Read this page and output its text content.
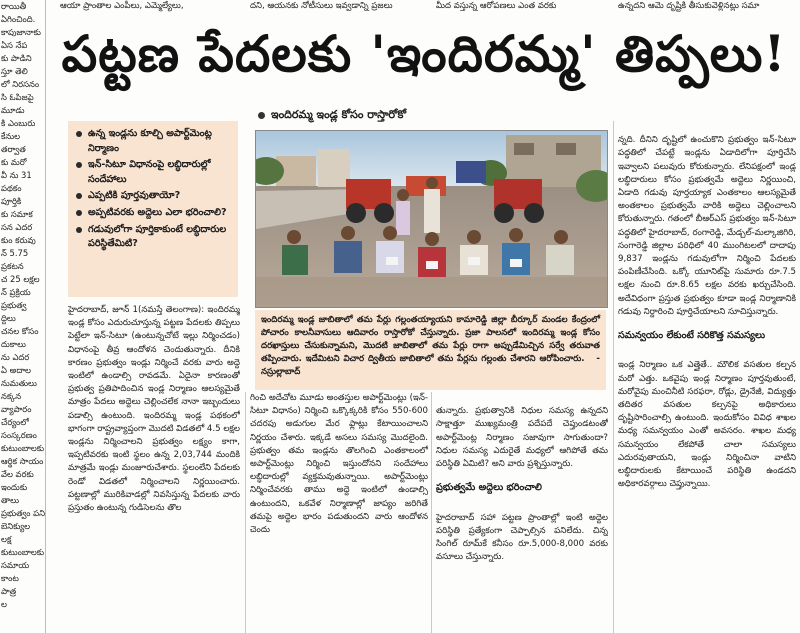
రాయితీ
ఏగించింది.
కాపుజానాకు
ఏస నేప
కు పాడిని
స్తూ తెలి
లో నిరసనం
సి ఓపిజపై
మూడు
కి ఎంబురు
కేనుల
తర్వాత
కు మరో
వీ ను 31
పథకం
పూర్తికి
కు సమాక
సన ఎదర
కుం కరువు
న్ 5.75
ప్రకటన
చ 25 లక్షల
న్ ప్రక్రియ
ప్రభుత్వ
ద్దిలు
చనల కోసం
దుకాలు
ను ఎదర
ఏ అదాల
నుమతులు
నక్కన వ్యాపారం
చేర్యంలో
సంస్కరణం
కుటుంబాలకు
ఆర్థిక సాయం
వేల వరకు
ఇందుకు తాలు
ప్రభుత్వం పని
బెనిక్యుల
లక్ష కుటుంబాలకు
సమాయ
కాంట
పాత్ర
ల
ఆయా ప్రాంతాల ఎంపీలు, ఎమ్మెల్యేలు,	దని, ఆయనకు నోటీసులు ఇవ్వడాన్ని ప్రజలు	మీద వస్తున్న ఆరోపణలు ఎంత వరకు	ఉన్నదని ఆమె దృష్టికి తీసుకువెళ్లినట్లు సమా
పట్టణ పేదలకు 'ఇందిరమ్మ' తిప్పలు!
ఇందిరమ్మ ఇండ్ల కోసం రాస్తారోకో
ఉన్న ఇండ్లను కూల్చి అపార్ట్‌మెంట్ల నిర్మాణం
ఇన్-సిటూ విధానంపై లబ్ధిదారుల్లో సందేహాలు
ఎప్పటికి పూర్తవుతాయో?
అప్పటివరకు అద్దెలు ఎలా భరించాలి?
గడువులోగా పూర్తికాకుంటే లబ్ధిదారుల పరిస్థితేమిటి?
ఇందిరమ్మ ఇండ్ల జాబితాలో తమ పేర్లు గల్లంతయ్యాయని కామారెడ్డి జిల్లా బీర్కూర్ మండల కేంద్రంలో పోచారం కాలనీవాసులు ఆదివారం రాస్తారోకో చేస్తున్నారు. ప్రజా పాలనలో ఇందిరమ్మ ఇండ్ల కోసం దరఖాస్తులు చేసుకున్నామని, మొదటి జాబితాలో తమ పేర్లు రాగా అప్పుడేమిచ్చిన సర్వే తరువాత తప్పించారు. ఇదేమిటని విచార ద్వితీయ జాబితాలో తమ పేర్లను గల్లంతు చేశారని ఆరోపించారు. - నస్రుల్లాబాద్
హైదరాబాద్, జూన్ 1(నమస్తే తెలంగాణ): ఇందిరమ్మ ఇండ్ల కోసం ఎదురుచూస్తున్న పట్టణ పేదలకు తిప్పలు పెట్టేలా ఇన్-సిటూ (ఉంటున్నచోటే ఇల్లు నిర్మించడం) విధానంపై తీవ్ర ఆందోళన చెందుతున్నారు. దీనికి కారణం ప్రభుత్వం ఇండ్లు నిర్మించే వరకు వారు అద్దె ఇంటిలో ఉండాల్సి రావడమే. ఏదైనా కారణంతో ప్రభుత్వ ప్రతిపాదించిన ఇండ్ల నిర్మాణం ఆలస్యమైతే మాత్రం పేదలు అద్దెలు చెల్లించలేక నానా ఇబ్బందులు పడాల్సి ఉంటుంది. ఇందిరమ్మ ఇండ్ల పథకంలో భాగంగా రాష్ట్రవ్యాప్తంగా మొదటి విడతలో 4.5 లక్షల ఇండ్లను నిర్మించాలని ప్రభుత్వం లక్ష్యం కాగా, ఇప్పటివరకు ఇంటి స్థలం ఉన్న 2,03,744 మందికి మాత్రమే ఇండ్లు మంజూరుచేశారు. స్థలంలేని పేదలకు రెండో విడతలో నిర్మించాలని నిర్ణయించారు. పట్టణాల్లో మురికివాడల్లో నివసిస్తున్న పేదలకు వారు ప్రస్తుతం ఉంటున్న గుడిసెలను తొల
గించి అదేచోట మూడు అంతస్తుల అపార్ట్‌మెంట్లు (ఇన్-సిటూ విధానం) నిర్మించి ఒక్కొక్కరికి కోసం 550-600 చదరపు అడుగుల మేర ఫ్లాట్లు కేటాయించాలని నిర్ణయం చేశారు. ఇక్కడే అసలు సమస్య మొదలైంది. ప్రభుత్వం తమ ఇండ్లను తొలగించి ఎంతకాలంలో అపార్ట్‌మెంట్లు నిర్మించి ఇస్తుందోనని సందేహాలు లబ్ధిదారుల్లో వ్యక్తమవుతున్నాయి. అపార్ట్‌మెంట్లు నిర్మించేవరకు తాము అద్దె ఇంటిలో ఉండాల్సి ఉంటుందని, ఒకవేళ నిర్మాణాల్లో జాప్యం జరిగితే తమపై అద్దెల భారం పడుతుందని వారు ఆందోళన చెందు

తున్నారు. ప్రభుత్వానికి నిధుల సమస్య ఉన్నదని సాక్షాత్తూ ముఖ్యమంత్రి పదేపదే చెప్తుండటంతో అపార్ట్‌మెంట్ల నిర్మాణం సజావుగా సాగుతుందా? నిధుల సమస్య ఎదురైతే మధ్యలో ఆగిపోతే తమ పరిస్థితి ఏమిటి? అని వారు ప్రశ్నిస్తున్నారు.

ప్రభుత్వమే అద్దెలు భరించాలి

హైదరాబాద్ సహా పట్టణ ప్రాంతాల్లో ఇంటి అద్దెల పరిస్థితి ప్రత్యేకంగా చెప్పాల్సిన పనిలేదు. చిన్న సింగిల్ రూమ్‌కే కనీసం రూ.5,000-8,000 వరకు వసూలు చేస్తున్నారు.

న్నది. దీనిని దృష్టిలో ఉంచుకొని ప్రభుత్వం ఇన్-సిటూ పద్ధతిలో చేపట్టే ఇండ్లను ఏడాదిలోగా పూర్తిచేసి ఇవ్వాలని పలువురు కోరుకున్నారు. లేనిపక్షంలో ఇండ్ల లబ్ధిదారులు కోసం ప్రభుత్వమే అద్దెలు నిర్ణయించి, ఏడాది గడువు పూర్తయ్యాక ఎంతకాలం ఆలస్యమైతే అంతకాలం ప్రభుత్వమే వారికి అద్దెలు చెల్లించాలని కోరుతున్నారు. గతంలో బీఆర్‌ఎస్ ప్రభుత్వం ఇన్-సిటూ పద్ధతిలో హైదరాబాద్, రంగారెడ్డి, మేడ్చల్-మల్కాజిగిరి, సంగారెడ్డి జిల్లాల పరిధిలో 40 ముంగిటలలో దాదాపు 9,837 ఇండ్లను గడువులోగా నిర్మించి పేదలకు పంపిణీచేసింది. ఒక్కో యూనిట్‌పై సుమారు రూ.7.5 లక్షల నుంచి రూ.8.65 లక్షల వరకు ఖర్చుచేసింది. అదేవిధంగా ప్రస్తుత ప్రభుత్వం కూడా ఇండ్ల నిర్మాణానికి గడువు నిర్దారించి పూర్తిచేయాలని సూచిస్తున్నారు.

సమన్వయం లేకుంటే సరికొత్త సమస్యలు

ఇండ్ల నిర్మాణం ఒక ఎత్తైతే.. మౌలిక వసతుల కల్పన మరో ఎత్తు. ఒకవైపు ఇండ్ల నిర్మాణం పూర్తవుతుంటే, మరోవైపు మంచినీటి సరఫరా, రోడ్లు, డ్రైనేజీ, విద్యుత్తు తదితర వసతుల కల్పనపై అధికారులు దృష్టిసారించాల్సి ఉంటుంది. ఇందుకోసం వివిధ శాఖల మధ్య సమన్వయం ఎంతో అవసరం. శాఖల మధ్య సమన్వయం లేకపోతే చాలా సమస్యలు ఎదురవుతాయని, ఇండ్లు నిర్మించినా వాటిని లబ్ధిదారులకు కేటాయించే పరిస్థితి ఉండదని అధికారవర్గాలు చెప్తున్నాయి.
